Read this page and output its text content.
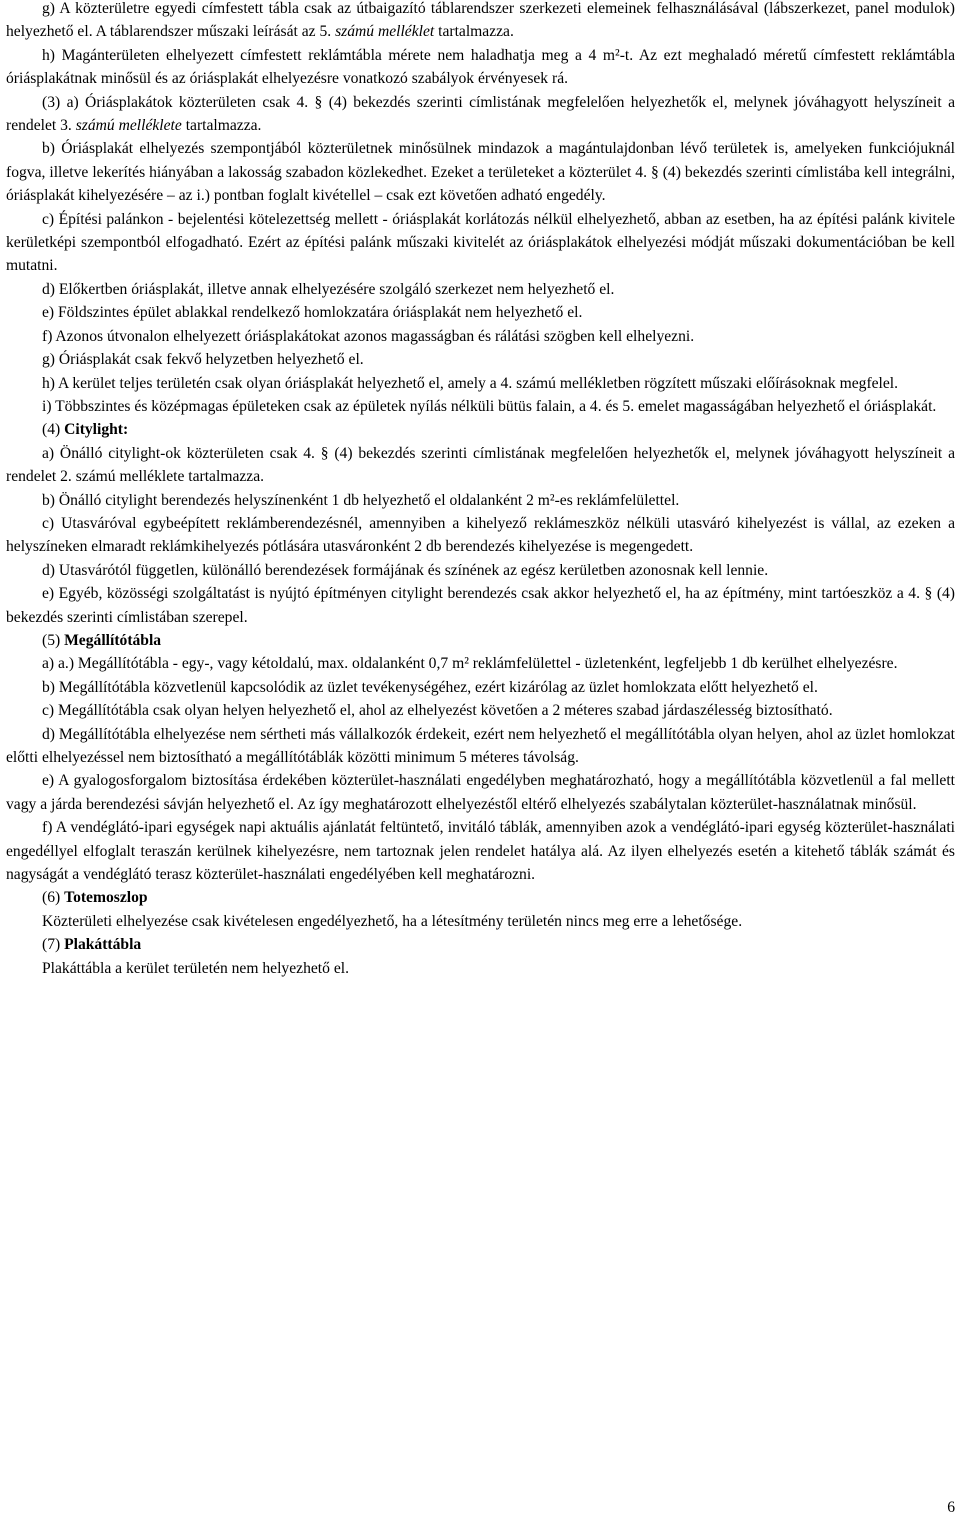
g) A közterületre egyedi címfestett tábla csak az útbaigazító táblarendszer szerkezeti elemeinek felhasználásával (lábszerkezet, panel modulok) helyezhető el. A táblarendszer műszaki leírását az 5. számú melléklet tartalmazza.

h) Magánterületen elhelyezett címfestett reklámtábla mérete nem haladhatja meg a 4 m²-t. Az ezt meghaladó méretű címfestett reklámtábla óriásplakátnak minősül és az óriásplakát elhelyezésre vonatkozó szabályok érvényesek rá.

(3) a) Óriásplakátok közterületen csak 4. § (4) bekezdés szerinti címlistának megfelelően helyezhetők el, melynek jóváhagyott helyszíneit a rendelet 3. számú melléklete tartalmazza.

b) Óriásplakát elhelyezés szempontjából közterületnek minősülnek mindazok a magántulajdonban lévő területek is, amelyeken funkciójuknál fogva, illetve lekerítés hiányában a lakosság szabadon közlekedhet. Ezeket a területeket a közterület 4. § (4) bekezdés szerinti címlistába kell integrálni, óriásplakát kihelyezésére – az i.) pontban foglalt kivétellel – csak ezt követően adható engedély.

c) Építési palánkon - bejelentési kötelezettség mellett - óriásplakát korlátozás nélkül elhelyezhető, abban az esetben, ha az építési palánk kivitele kerületképi szempontból elfogadható. Ezért az építési palánk műszaki kivitelét az óriásplakátok elhelyezési módját műszaki dokumentációban be kell mutatni.

d) Előkertben óriásplakát, illetve annak elhelyezésére szolgáló szerkezet nem helyezhető el.

e) Földszintes épület ablakkal rendelkező homlokzatára óriásplakát nem helyezhető el.

f) Azonos útvonalon elhelyezett óriásplakátokat azonos magasságban és rálátási szögben kell elhelyezni.

g) Óriásplakát csak fekvő helyzetben helyezhető el.

h) A kerület teljes területén csak olyan óriásplakát helyezhető el, amely a 4. számú mellékletben rögzített műszaki előírásoknak megfelel.

i) Többszintes és középmagas épületeken csak az épületek nyílás nélküli bütüs falain, a 4. és 5. emelet magasságában helyezhető el óriásplakát.

(4) Citylight:

a) Önálló citylight-ok közterületen csak 4. § (4) bekezdés szerinti címlistának megfelelően helyezhetők el, melynek jóváhagyott helyszíneit a rendelet 2. számú melléklete tartalmazza.

b) Önálló citylight berendezés helyszínenként 1 db helyezhető el oldalanként 2 m²-es reklámfelülettel.

c) Utasváróval egybeépített reklámberendezésnél, amennyiben a kihelyező reklámeszköz nélküli utasváró kihelyezést is vállal, az ezeken a helyszíneken elmaradt reklámkihelyezés pótlására utasváronként 2 db berendezés kihelyezése is megengedett.

d) Utasvárótól független, különálló berendezések formájának és színének az egész kerületben azonosnak kell lennie.

e) Egyéb, közösségi szolgáltatást is nyújtó építményen citylight berendezés csak akkor helyezhető el, ha az építmény, mint tartóeszköz a 4. § (4) bekezdés szerinti címlistában szerepel.

(5) Megállítótábla

a) a.) Megállítótábla - egy-, vagy kétoldalú, max. oldalanként 0,7 m² reklámfelülettel - üzletenként, legfeljebb 1 db kerülhet elhelyezésre.

b) Megállítótábla közvetlenül kapcsolódik az üzlet tevékenységéhez, ezért kizárólag az üzlet homlokzata előtt helyezhető el.

c) Megállítótábla csak olyan helyen helyezhető el, ahol az elhelyezést követően a 2 méteres szabad járdaszélesség biztosítható.

d) Megállítótábla elhelyezése nem sértheti más vállalkozók érdekeit, ezért nem helyezhető el megállítótábla olyan helyen, ahol az üzlet homlokzat előtti elhelyezéssel nem biztosítható a megállítótáblák közötti minimum 5 méteres távolság.

e) A gyalogosforgalom biztosítása érdekében közterület-használati engedélyben meghatározható, hogy a megállítótábla közvetlenül a fal mellett vagy a járda berendezési sávján helyezhető el. Az így meghatározott elhelyezéstől eltérő elhelyezés szabálytalan közterület-használatnak minősül.

f) A vendéglátó-ipari egységek napi aktuális ajánlatát feltüntető, invitáló táblák, amennyiben azok a vendéglátó-ipari egység közterület-használati engedéllyel elfoglalt teraszán kerülnek kihelyezésre, nem tartoznak jelen rendelet hatálya alá. Az ilyen elhelyezés esetén a kitehető táblák számát és nagyságát a vendéglátó terasz közterület-használati engedélyében kell meghatározni.

(6) Totemoszlop

Közterületi elhelyezése csak kivételesen engedélyezhető, ha a létesítmény területén nincs meg erre a lehetősége.

(7) Plakáttábla

Plakáttábla a kerület területén nem helyezhető el.

6
